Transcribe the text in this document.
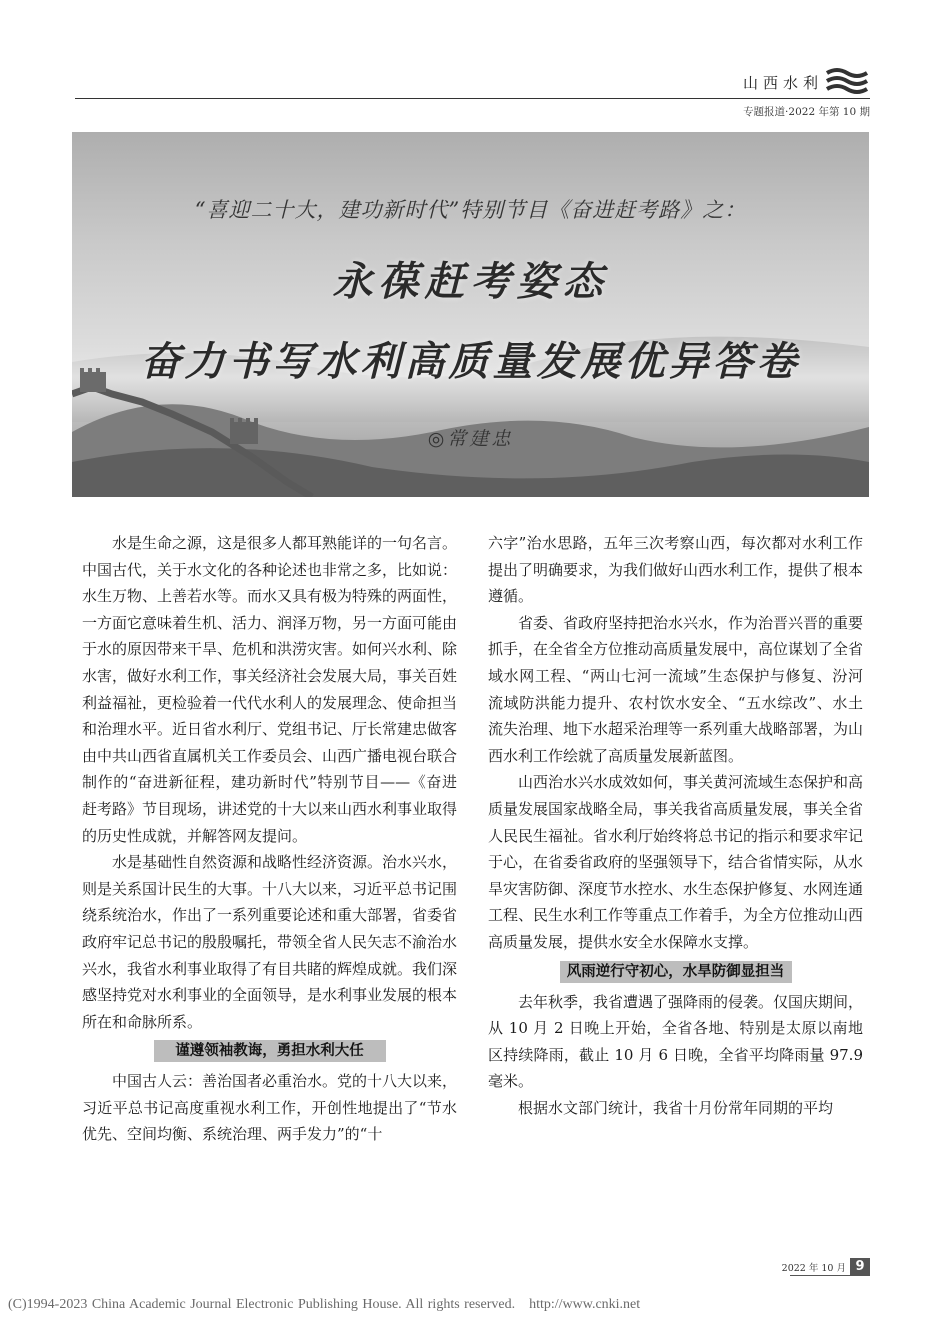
山西水利
专题报道·2022 年第 10 期
“喜迎二十大，建功新时代”特别节目《奋进赶考路》之：
永葆赶考姿态
奋力书写水利高质量发展优异答卷
◎常建忠

水是生命之源，这是很多人都耳熟能详的一句名言。中国古代，关于水文化的各种论述也非常之多，比如说：水生万物、上善若水等。而水又具有极为特殊的两面性，一方面它意味着生机、活力、润泽万物，另一方面可能由于水的原因带来干旱、危机和洪涝灾害。如何兴水利、除水害，做好水利工作，事关经济社会发展大局，事关百姓利益福祉，更检验着一代代水利人的发展理念、使命担当和治理水平。近日省水利厅、党组书记、厅长常建忠做客由中共山西省直属机关工作委员会、山西广播电视台联合制作的“奋进新征程，建功新时代”特别节目——《奋进赶考路》节目现场，讲述党的十大以来山西水利事业取得的历史性成就，并解答网友提问。

水是基础性自然资源和战略性经济资源。治水兴水，则是关系国计民生的大事。十八大以来，习近平总书记围绕系统治水，作出了一系列重要论述和重大部署，省委省政府牢记总书记的殷殷嘱托，带领全省人民矢志不渝治水兴水，我省水利事业取得了有目共睹的辉煌成就。我们深感坚持党对水利事业的全面领导，是水利事业发展的根本所在和命脉所系。

谨遵领袖教诲，勇担水利大任

中国古人云：善治国者必重治水。党的十八大以来，习近平总书记高度重视水利工作，开创性地提出了“节水优先、空间均衡、系统治理、两手发力”的“十

六字”治水思路，五年三次考察山西，每次都对水利工作提出了明确要求，为我们做好山西水利工作，提供了根本遵循。

省委、省政府坚持把治水兴水，作为治晋兴晋的重要抓手，在全省全方位推动高质量发展中，高位谋划了全省域水网工程、“两山七河一流域”生态保护与修复、汾河流域防洪能力提升、农村饮水安全、“五水综改”、水土流失治理、地下水超采治理等一系列重大战略部署，为山西水利工作绘就了高质量发展新蓝图。

山西治水兴水成效如何，事关黄河流域生态保护和高质量发展国家战略全局，事关我省高质量发展，事关全省人民民生福祉。省水利厅始终将总书记的指示和要求牢记于心，在省委省政府的坚强领导下，结合省情实际，从水旱灾害防御、深度节水控水、水生态保护修复、水网连通工程、民生水利工作等重点工作着手，为全方位推动山西高质量发展，提供水安全水保障水支撑。

风雨逆行守初心，水旱防御显担当

去年秋季，我省遭遇了强降雨的侵袭。仅国庆期间，从 10 月 2 日晚上开始，全省各地、特别是太原以南地区持续降雨，截止 10 月 6 日晚，全省平均降雨量 97.9 毫米。

根据水文部门统计，我省十月份常年同期的平均

2022 年 10 月 9
(C)1994-2023 China Academic Journal Electronic Publishing House. All rights reserved. http://www.cnki.net
